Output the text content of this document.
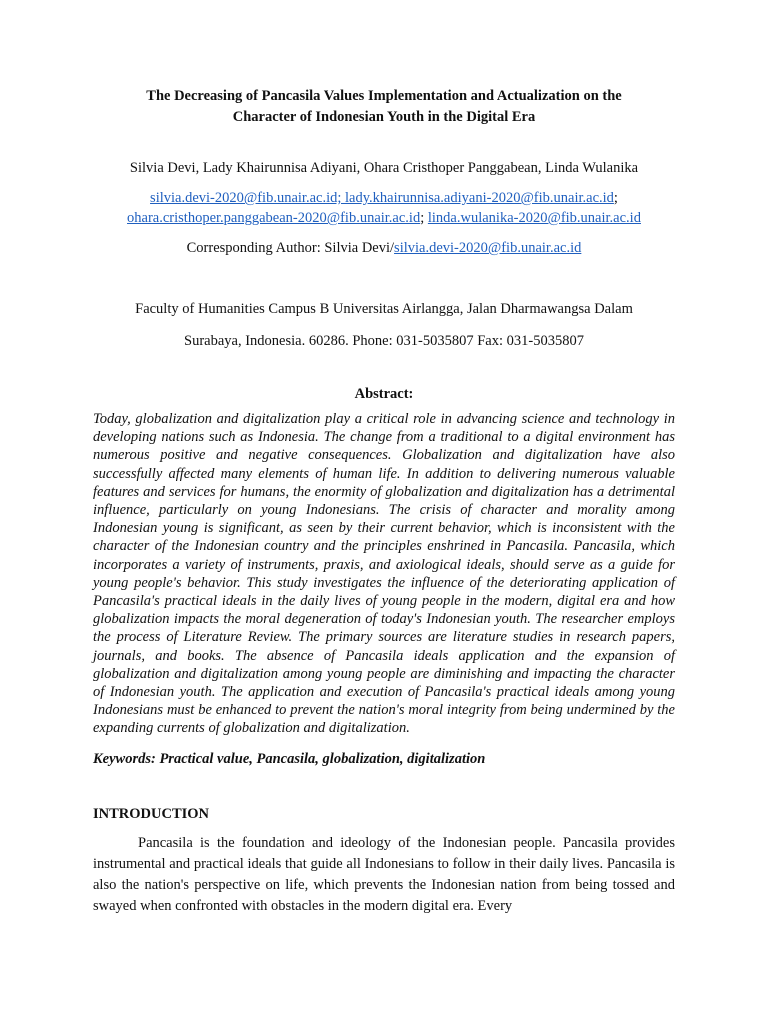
The Decreasing of Pancasila Values Implementation and Actualization on the

Character of Indonesian Youth in the Digital Era

Silvia Devi, Lady Khairunnisa Adiyani, Ohara Cristhoper Panggabean, Linda Wulanika

silvia.devi-2020@fib.unair.ac.id; lady.khairunnisa.adiyani-2020@fib.unair.ac.id;
ohara.cristhoper.panggabean-2020@fib.unair.ac.id; linda.wulanika-2020@fib.unair.ac.id

Corresponding Author: Silvia Devi/silvia.devi-2020@fib.unair.ac.id

Faculty of Humanities Campus B Universitas Airlangga, Jalan Dharmawangsa Dalam

Surabaya, Indonesia. 60286. Phone: 031-5035807 Fax: 031-5035807

Abstract:

Today, globalization and digitalization play a critical role in advancing science and technology in developing nations such as Indonesia. The change from a traditional to a digital environment has numerous positive and negative consequences. Globalization and digitalization have also successfully affected many elements of human life. In addition to delivering numerous valuable features and services for humans, the enormity of globalization and digitalization has a detrimental influence, particularly on young Indonesians. The crisis of character and morality among Indonesian young is significant, as seen by their current behavior, which is inconsistent with the character of the Indonesian country and the principles enshrined in Pancasila. Pancasila, which incorporates a variety of instruments, praxis, and axiological ideals, should serve as a guide for young people's behavior. This study investigates the influence of the deteriorating application of Pancasila's practical ideals in the daily lives of young people in the modern, digital era and how globalization impacts the moral degeneration of today's Indonesian youth. The researcher employs the process of Literature Review. The primary sources are literature studies in research papers, journals, and books. The absence of Pancasila ideals application and the expansion of globalization and digitalization among young people are diminishing and impacting the character of Indonesian youth. The application and execution of Pancasila's practical ideals among young Indonesians must be enhanced to prevent the nation's moral integrity from being undermined by the expanding currents of globalization and digitalization.

Keywords: Practical value, Pancasila, globalization, digitalization

INTRODUCTION

Pancasila is the foundation and ideology of the Indonesian people. Pancasila provides instrumental and practical ideals that guide all Indonesians to follow in their daily lives. Pancasila is also the nation's perspective on life, which prevents the Indonesian nation from being tossed and swayed when confronted with obstacles in the modern digital era. Every
